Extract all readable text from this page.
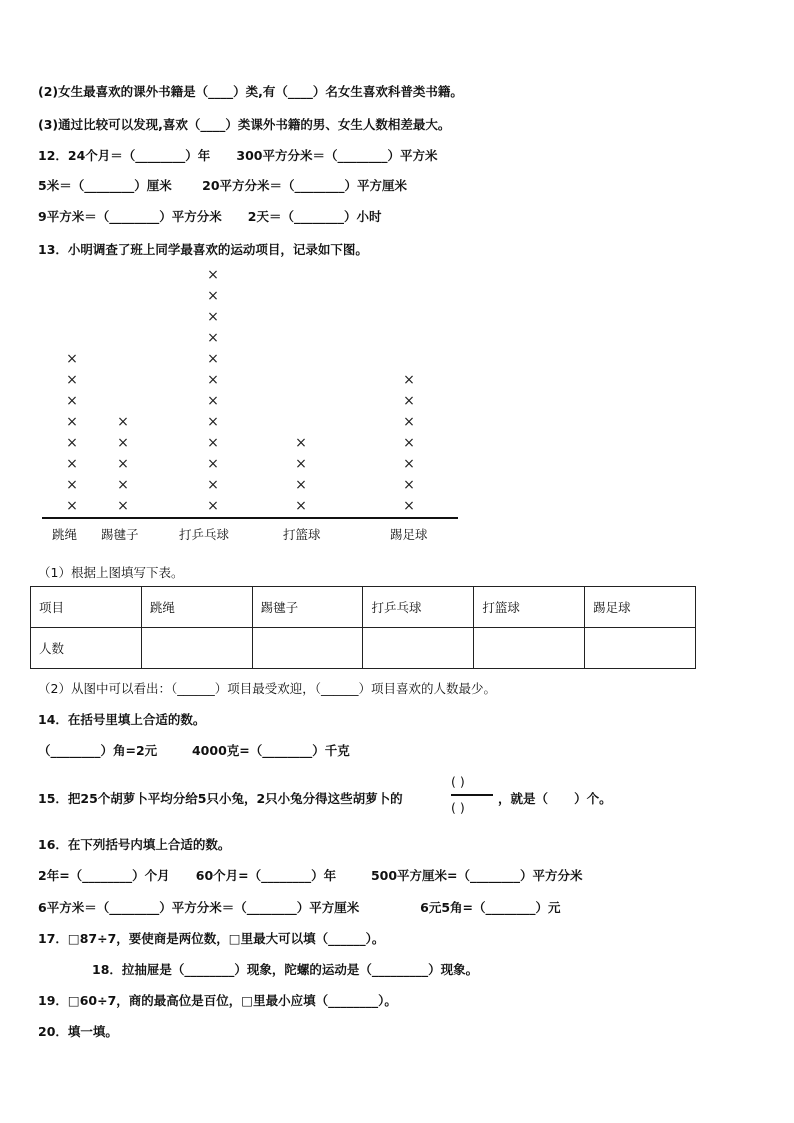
(2)女生最喜欢的课外书籍是（____）类,有（____）名女生喜欢科普类书籍。
(3)通过比较可以发现,喜欢（____）类课外书籍的男、女生人数相差最大。
12．24个月＝（________）年      300平方分米＝（________）平方米
5米＝（________）厘米       20平方分米＝（________）平方厘米
9平方米＝（________）平方分米      2天＝（________）小时
13．小明调查了班上同学最喜欢的运动项目，记录如下图。
×
×
×
×
×
×
×
×
×
×
×
×
×
×
×
×
×
×
×
×
×
×
×
×
×
×
×
×
×
×
×
×
×
×
×
×
跳绳 踢毽子	打乒乓球	打篮球	踢足球
（1）根据上图填写下表。
项目	跳绳	踢毽子	打乒乓球	打篮球	踢足球
人数					
（2）从图中可以看出：（______）项目最受欢迎，（______）项目喜欢的人数最少。
14．在括号里填上合适的数。
（________）角=2元        4000克=（________）千克
15．把25个胡萝卜平均分给5只小兔，2只小兔分得这些胡萝卜的
( )
( )
，就是（      ）个。
16．在下列括号内填上合适的数。
2年=（________）个月      60个月=（________）年        500平方厘米=（________）平方分米
6平方米＝（________）平方分米＝（________）平方厘米              6元5角=（________）元
17．□87÷7，要使商是两位数，□里最大可以填（______）。
18．拉抽屉是（________）现象，陀螺的运动是（_________）现象。
19．□60÷7，商的最高位是百位，□里最小应填（________）。
20．填一填。
